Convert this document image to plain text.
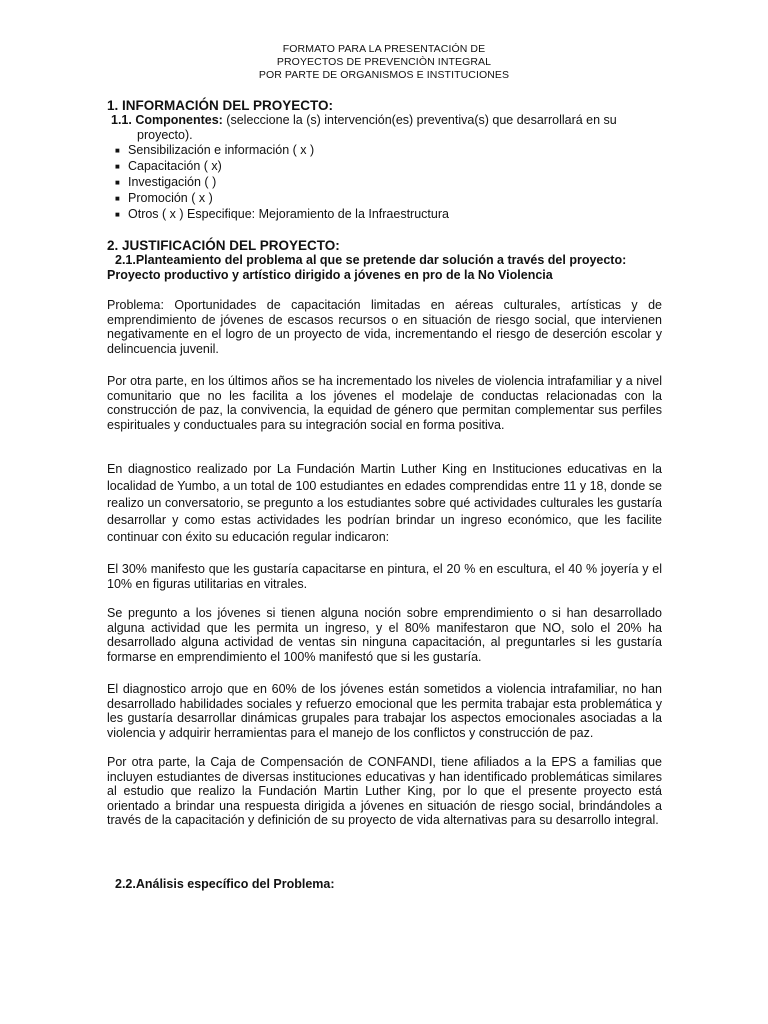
FORMATO PARA LA PRESENTACIÓN DE
PROYECTOS DE PREVENCIÒN INTEGRAL
POR PARTE DE ORGANISMOS E INSTITUCIONES
1. INFORMACIÓN DEL PROYECTO:
1.1. Componentes: (seleccione la (s) intervención(es) preventiva(s) que desarrollará en su
proyecto).
■ Sensibilización e información ( x )
■ Capacitación ( x)
■ Investigación ( )
■ Promoción ( x )
■ Otros ( x ) Especifique: Mejoramiento de la Infraestructura
2. JUSTIFICACIÓN DEL PROYECTO:
2.1.Planteamiento del problema al que se pretende dar solución a través del proyecto:
Proyecto productivo y artístico dirigido a jóvenes en pro de la No Violencia
Problema: Oportunidades de capacitación limitadas en aéreas culturales, artísticas y de emprendimiento de jóvenes de escasos recursos o en situación de riesgo social, que intervienen negativamente en el logro de un proyecto de vida, incrementando el riesgo de deserción escolar y delincuencia juvenil.
Por otra parte, en los últimos años se ha incrementado los niveles de violencia intrafamiliar y a nivel comunitario que no les facilita a los jóvenes el modelaje de conductas relacionadas con la construcción de paz, la convivencia, la equidad de género que permitan complementar sus perfiles espirituales y conductuales para su integración social en forma positiva.
En diagnostico realizado por La Fundación Martin Luther King en Instituciones educativas en la localidad de Yumbo, a un total de 100 estudiantes en edades comprendidas entre 11 y 18, donde se realizo un conversatorio, se pregunto a los estudiantes sobre qué actividades culturales les gustaría desarrollar y como estas actividades les podrían brindar un ingreso económico, que les facilite continuar con éxito su educación regular indicaron:
El 30% manifesto que les gustaría capacitarse en pintura, el 20 % en escultura, el 40 % joyería y el 10% en figuras utilitarias en vitrales.
Se pregunto a los jóvenes si tienen alguna noción sobre emprendimiento o si han desarrollado alguna actividad que les permita un ingreso, y el 80% manifestaron que NO, solo el 20% ha desarrollado alguna actividad de ventas sin ninguna capacitación, al preguntarles si les gustaría formarse en emprendimiento el 100% manifestó que si les gustaría.
El diagnostico arrojo que en 60% de los jóvenes están sometidos a violencia intrafamiliar, no han desarrollado habilidades sociales y refuerzo emocional que les permita trabajar esta problemática y les gustaría desarrollar dinámicas grupales para trabajar los aspectos emocionales asociadas a la violencia y adquirir herramientas para el manejo de los conflictos y construcción de paz.
Por otra parte, la Caja de Compensación de CONFANDI, tiene afiliados a la EPS a familias que incluyen estudiantes de diversas instituciones educativas y han identificado problemáticas similares al estudio que realizo la Fundación Martin Luther King, por lo que el presente proyecto está orientado a brindar una respuesta dirigida a jóvenes en situación de riesgo social, brindándoles a través de la capacitación y definición de su proyecto de vida alternativas para su desarrollo integral.
2.2.Análisis específico del Problema:
